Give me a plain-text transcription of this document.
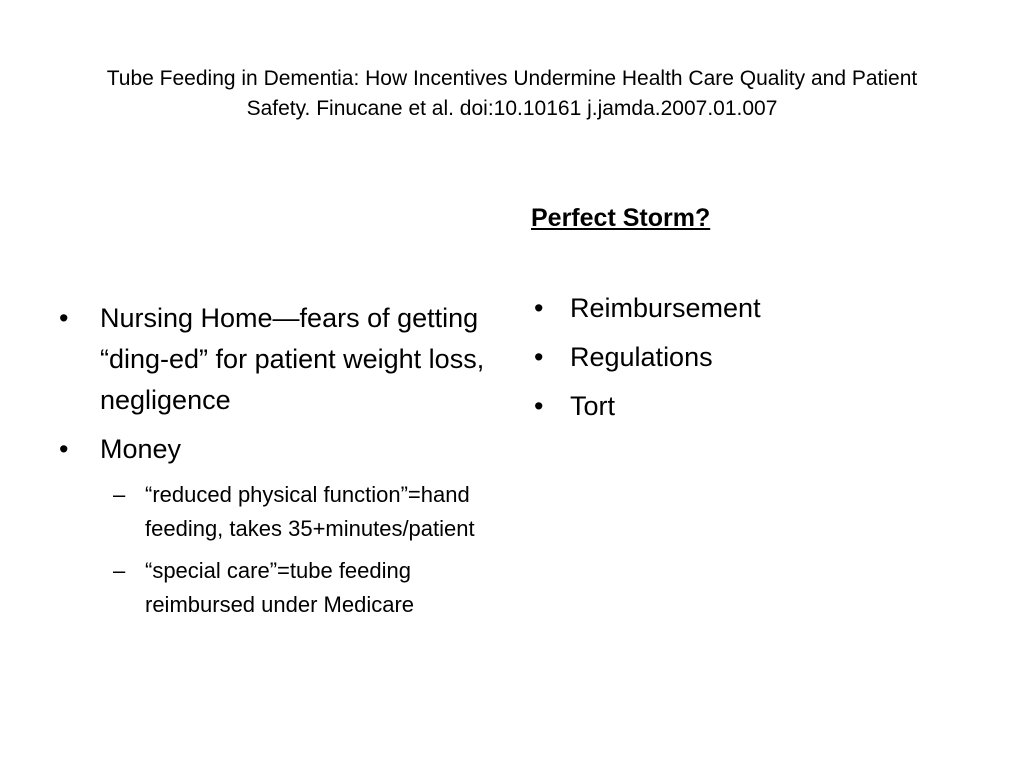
Tube Feeding in Dementia: How Incentives Undermine Health Care Quality and Patient
Safety. Finucane et al. doi:10.10161 j.jamda.2007.01.007
•	Nursing Home—fears of getting “ding-ed” for patient weight loss, negligence
•	Money
– “reduced physical function”=hand feeding, takes 35+minutes/patient
– “special care”=tube feeding reimbursed under Medicare
Perfect Storm?
• Reimbursement
• Regulations
• Tort
